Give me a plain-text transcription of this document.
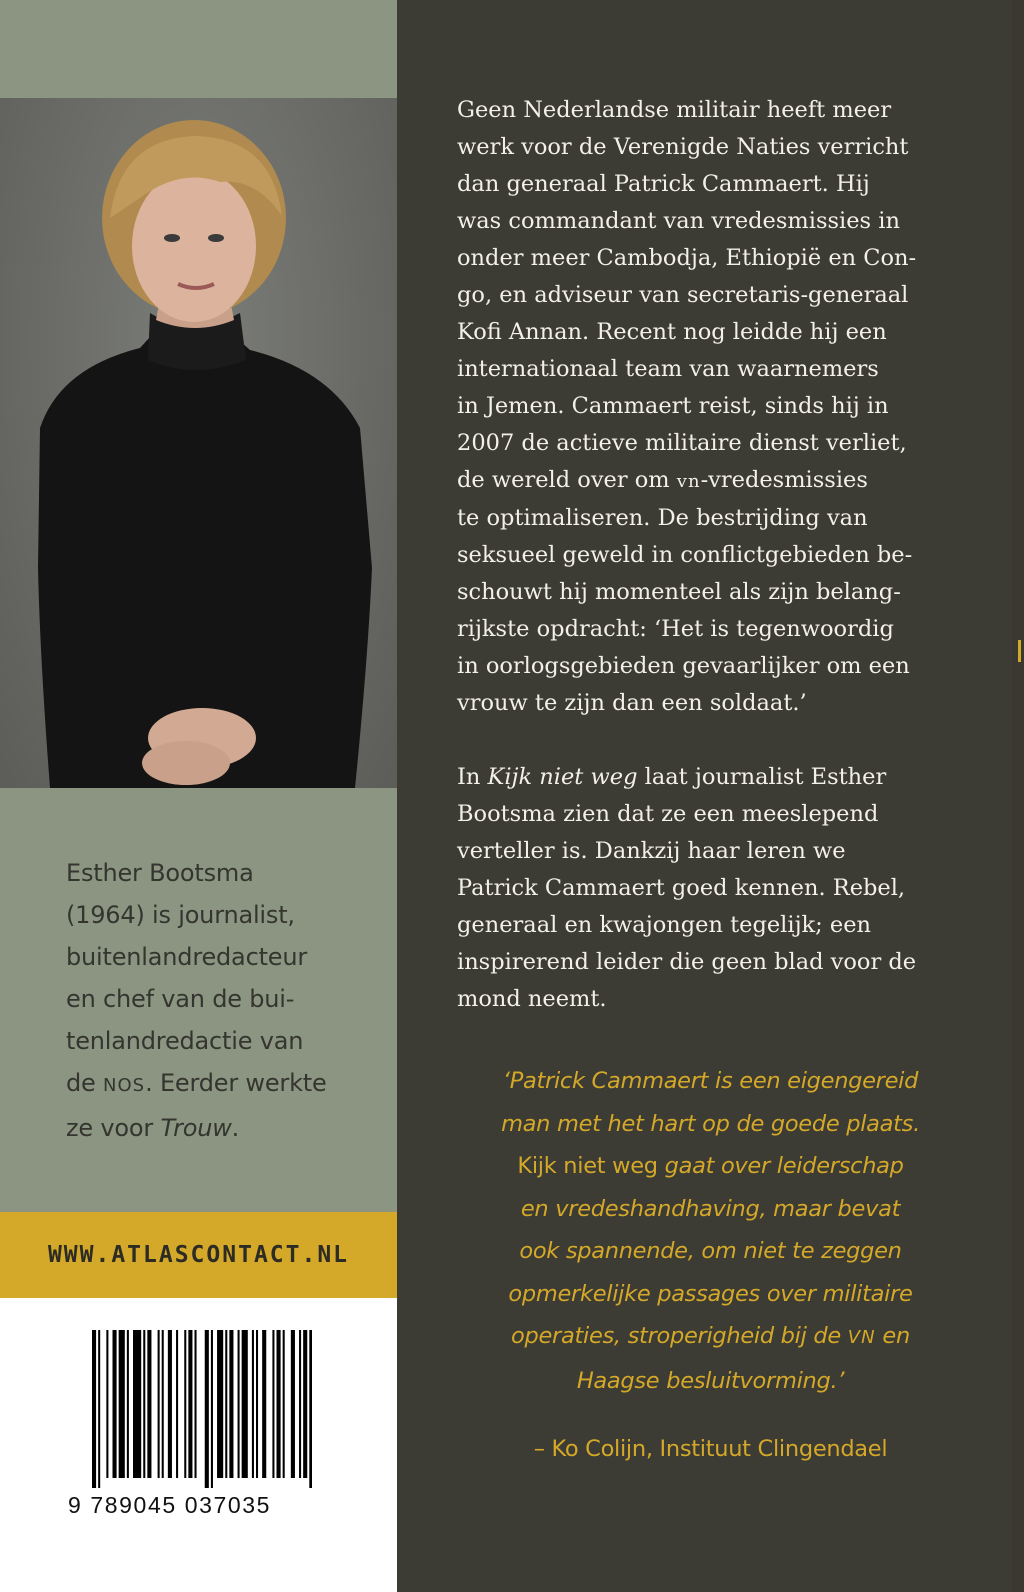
Esther Bootsma
(1964) is journalist,
buitenlandredacteur
en chef van de bui-
tenlandredactie van
de NOS. Eerder werkte
ze voor Trouw.
WWW.ATLASCONTACT.NL
9 789045 037035

Geen Nederlandse militair heeft meer
werk voor de Verenigde Naties verricht
dan generaal Patrick Cammaert. Hij
was commandant van vredesmissies in
onder meer Cambodja, Ethiopië en Con-
go, en adviseur van secretaris-generaal
Kofi Annan. Recent nog leidde hij een
internationaal team van waarnemers
in Jemen. Cammaert reist, sinds hij in
2007 de actieve militaire dienst verliet,
de wereld over om vn-vredesmissies
te optimaliseren. De bestrijding van
seksueel geweld in conflictgebieden be-
schouwt hij momenteel als zijn belang-
rijkste opdracht: ‘Het is tegenwoordig
in oorlogsgebieden gevaarlijker om een
vrouw te zijn dan een soldaat.’

In Kijk niet weg laat journalist Esther
Bootsma zien dat ze een meeslepend
verteller is. Dankzij haar leren we
Patrick Cammaert goed kennen. Rebel,
generaal en kwajongen tegelijk; een
inspirerend leider die geen blad voor de
mond neemt.

‘Patrick Cammaert is een eigengereid
man met het hart op de goede plaats.
Kijk niet weg gaat over leiderschap
en vredeshandhaving, maar bevat
ook spannende, om niet te zeggen
opmerkelijke passages over militaire
operaties, stroperigheid bij de VN en
Haagse besluitvorming.’
– Ko Colijn, Instituut Clingendael
